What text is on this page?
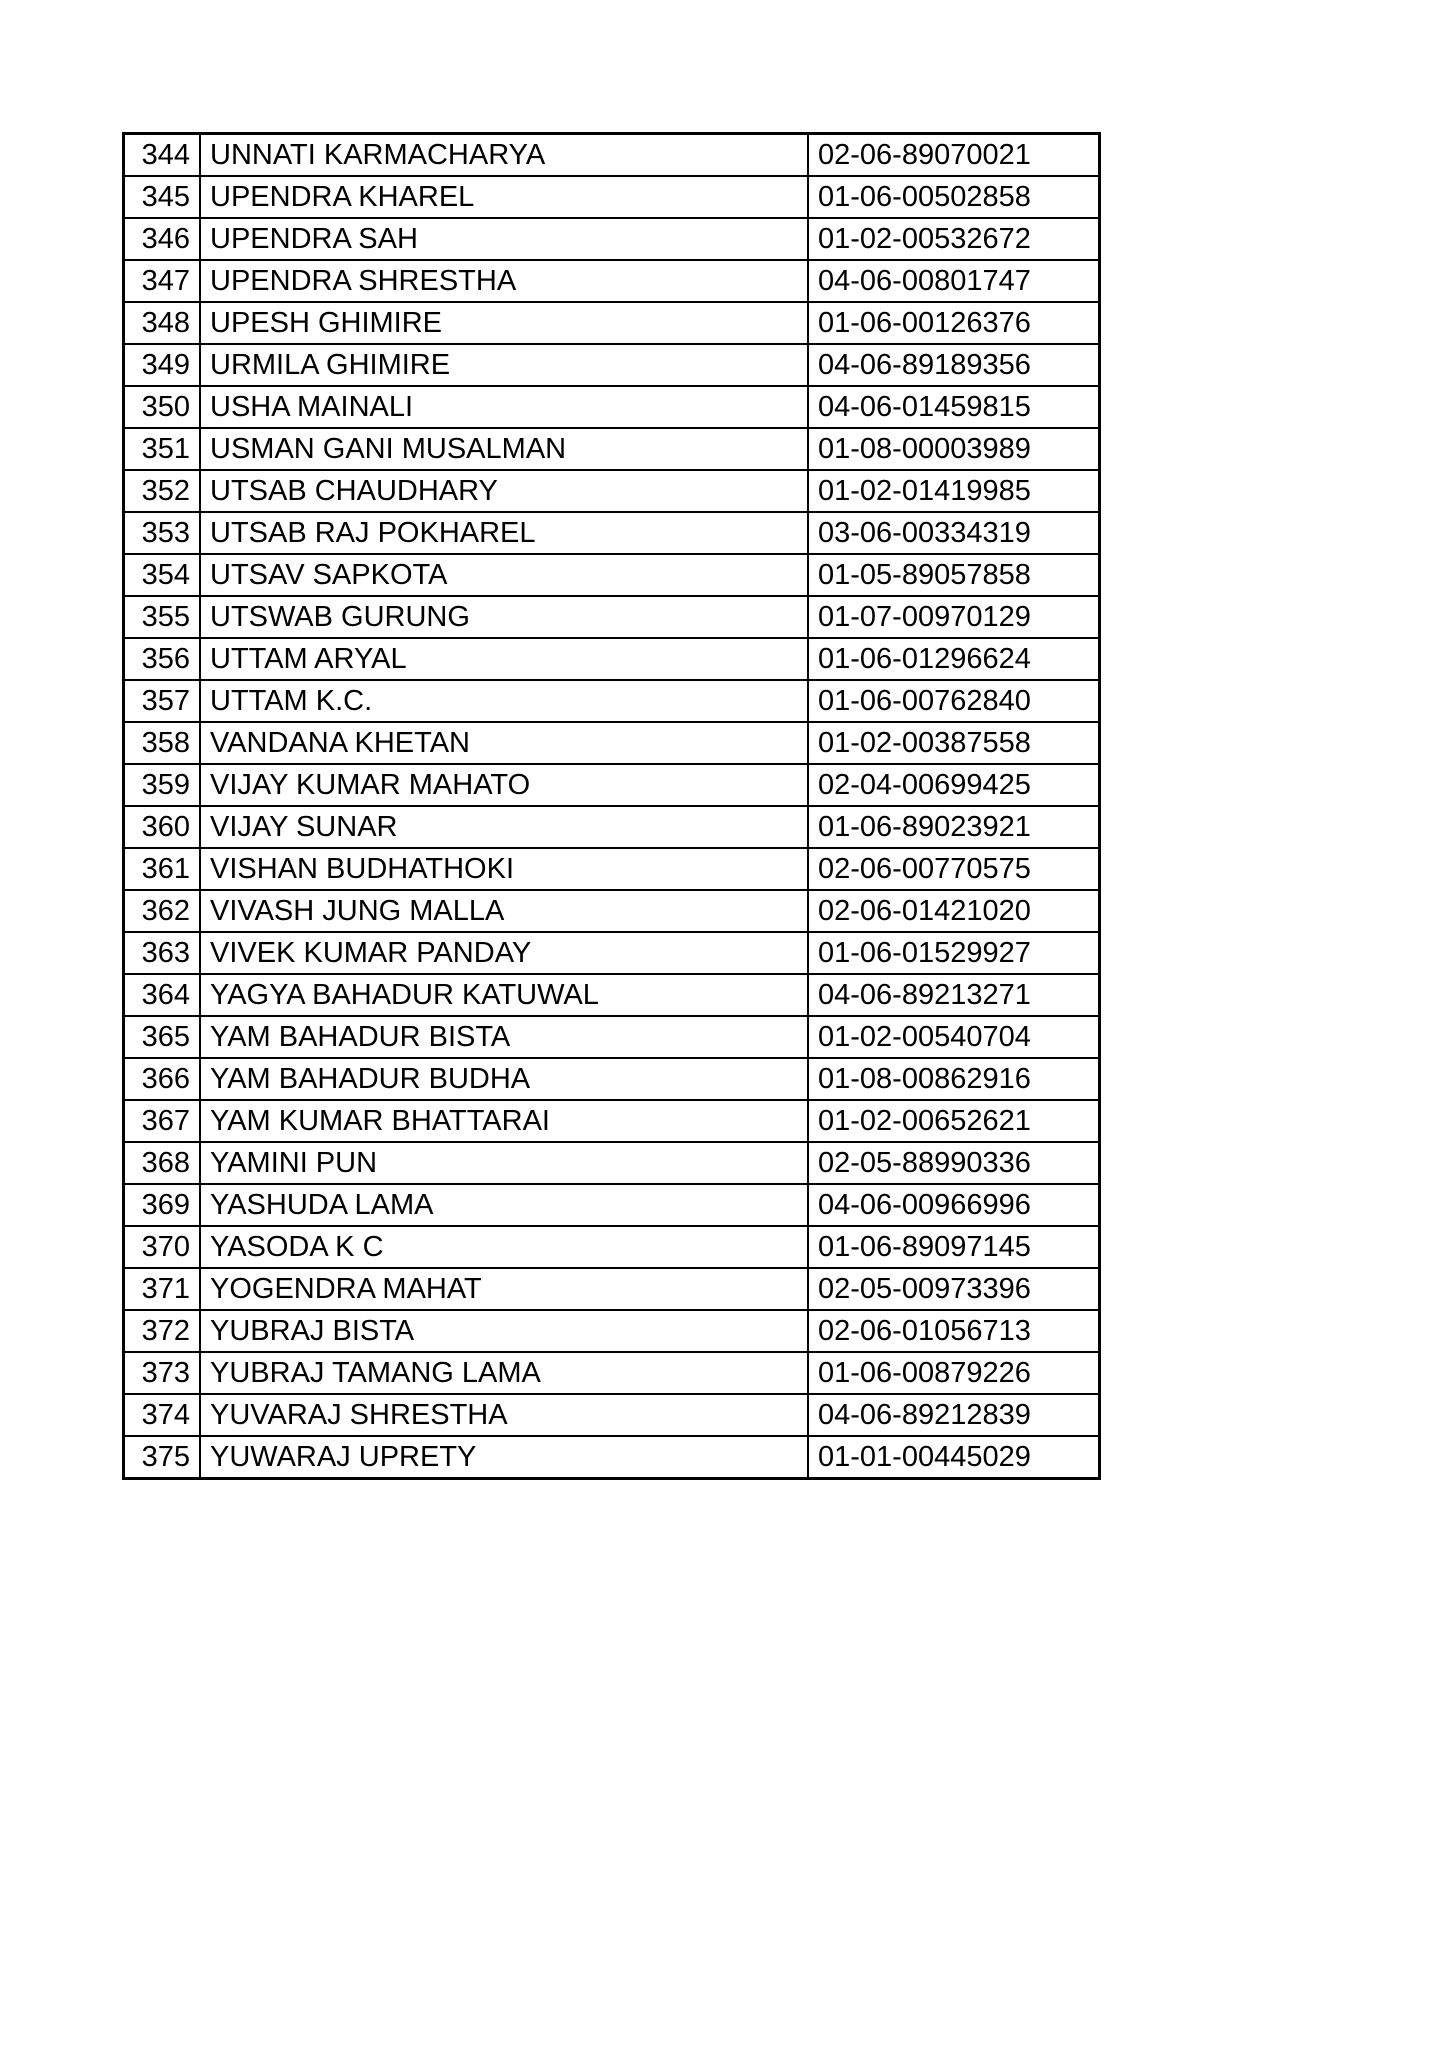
344	UNNATI KARMACHARYA	02-06-89070021
345	UPENDRA KHAREL	01-06-00502858
346	UPENDRA SAH	01-02-00532672
347	UPENDRA SHRESTHA	04-06-00801747
348	UPESH GHIMIRE	01-06-00126376
349	URMILA GHIMIRE	04-06-89189356
350	USHA MAINALI	04-06-01459815
351	USMAN GANI MUSALMAN	01-08-00003989
352	UTSAB CHAUDHARY	01-02-01419985
353	UTSAB RAJ POKHAREL	03-06-00334319
354	UTSAV SAPKOTA	01-05-89057858
355	UTSWAB GURUNG	01-07-00970129
356	UTTAM ARYAL	01-06-01296624
357	UTTAM K.C.	01-06-00762840
358	VANDANA KHETAN	01-02-00387558
359	VIJAY KUMAR MAHATO	02-04-00699425
360	VIJAY SUNAR	01-06-89023921
361	VISHAN BUDHATHOKI	02-06-00770575
362	VIVASH JUNG MALLA	02-06-01421020
363	VIVEK KUMAR PANDAY	01-06-01529927
364	YAGYA BAHADUR KATUWAL	04-06-89213271
365	YAM BAHADUR BISTA	01-02-00540704
366	YAM BAHADUR BUDHA	01-08-00862916
367	YAM KUMAR BHATTARAI	01-02-00652621
368	YAMINI PUN	02-05-88990336
369	YASHUDA LAMA	04-06-00966996
370	YASODA K C	01-06-89097145
371	YOGENDRA MAHAT	02-05-00973396
372	YUBRAJ BISTA	02-06-01056713
373	YUBRAJ TAMANG LAMA	01-06-00879226
374	YUVARAJ SHRESTHA	04-06-89212839
375	YUWARAJ UPRETY	01-01-00445029
